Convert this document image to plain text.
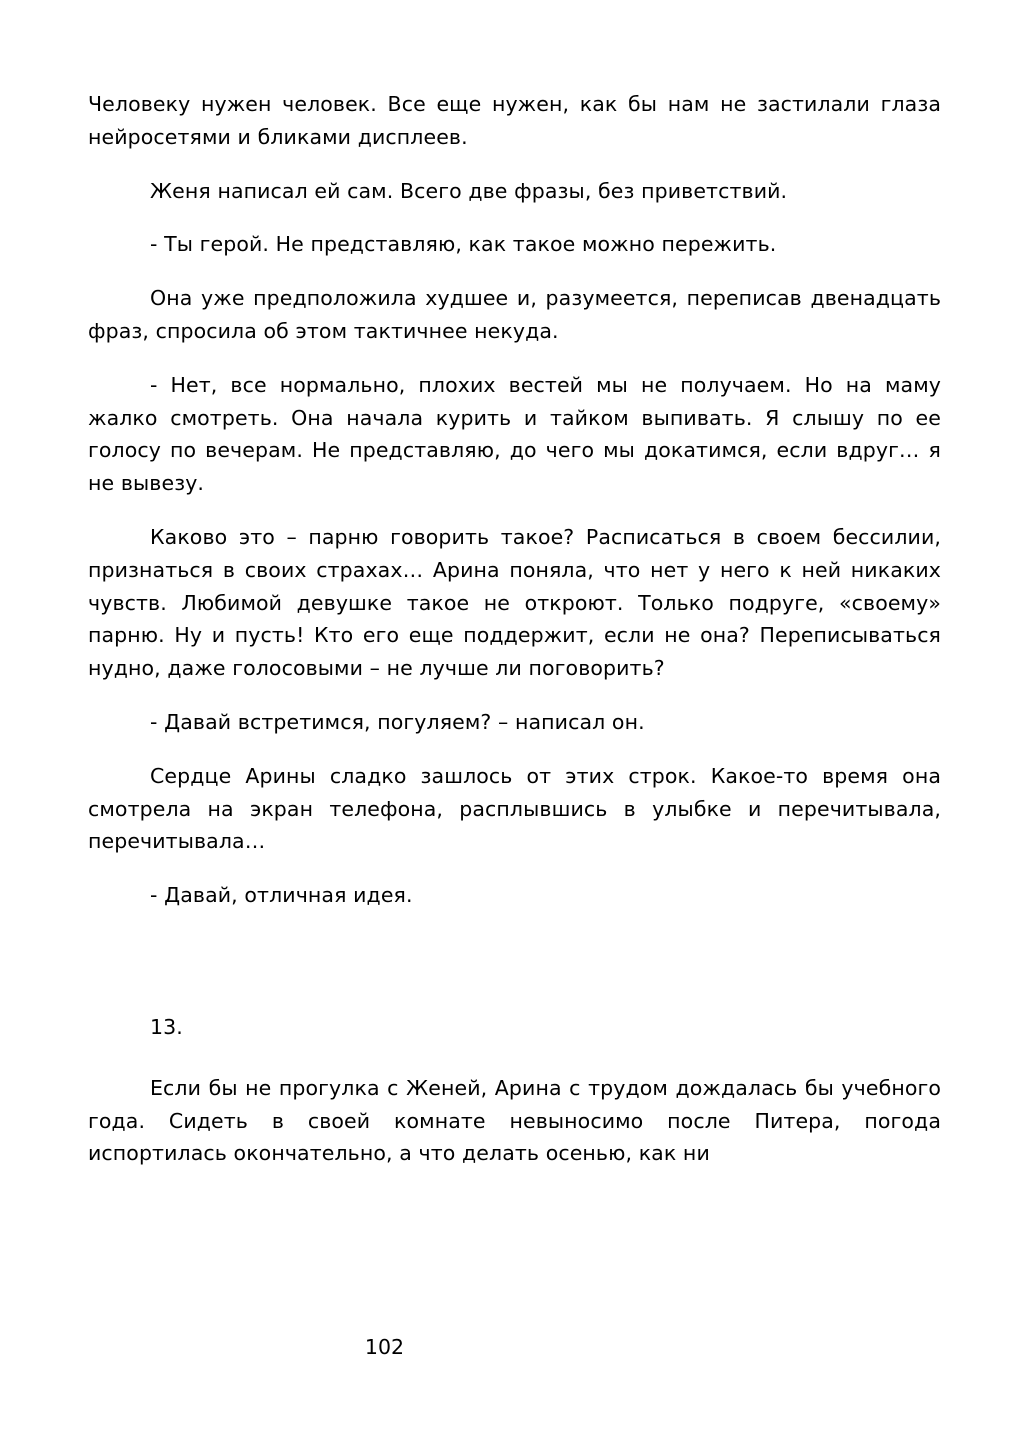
Человеку нужен человек. Все еще нужен, как бы нам не застилали глаза нейросетями и бликами дисплеев.

Женя написал ей сам. Всего две фразы, без приветствий.

- Ты герой. Не представляю, как такое можно пережить.

Она уже предположила худшее и, разумеется, переписав двенадцать фраз, спросила об этом тактичнее некуда.

- Нет, все нормально, плохих вестей мы не получаем. Но на маму жалко смотреть. Она начала курить и тайком выпивать. Я слышу по ее голосу по вечерам. Не представляю, до чего мы докатимся, если вдруг… я не вывезу.

Каково это – парню говорить такое? Расписаться в своем бессилии, признаться в своих страхах… Арина поняла, что нет у него к ней никаких чувств. Любимой девушке такое не откроют. Только подруге, «своему» парню. Ну и пусть! Кто его еще поддержит, если не она? Переписываться нудно, даже голосовыми – не лучше ли поговорить?

- Давай встретимся, погуляем? – написал он.

Сердце Арины сладко зашлось от этих строк. Какое-то время она смотрела на экран телефона, расплывшись в улыбке и перечитывала, перечитывала…

- Давай, отличная идея.

13.

Если бы не прогулка с Женей, Арина с трудом дождалась бы учебного года. Сидеть в своей комнате невыносимо после Питера, погода испортилась окончательно, а что делать осенью, как ни

102
